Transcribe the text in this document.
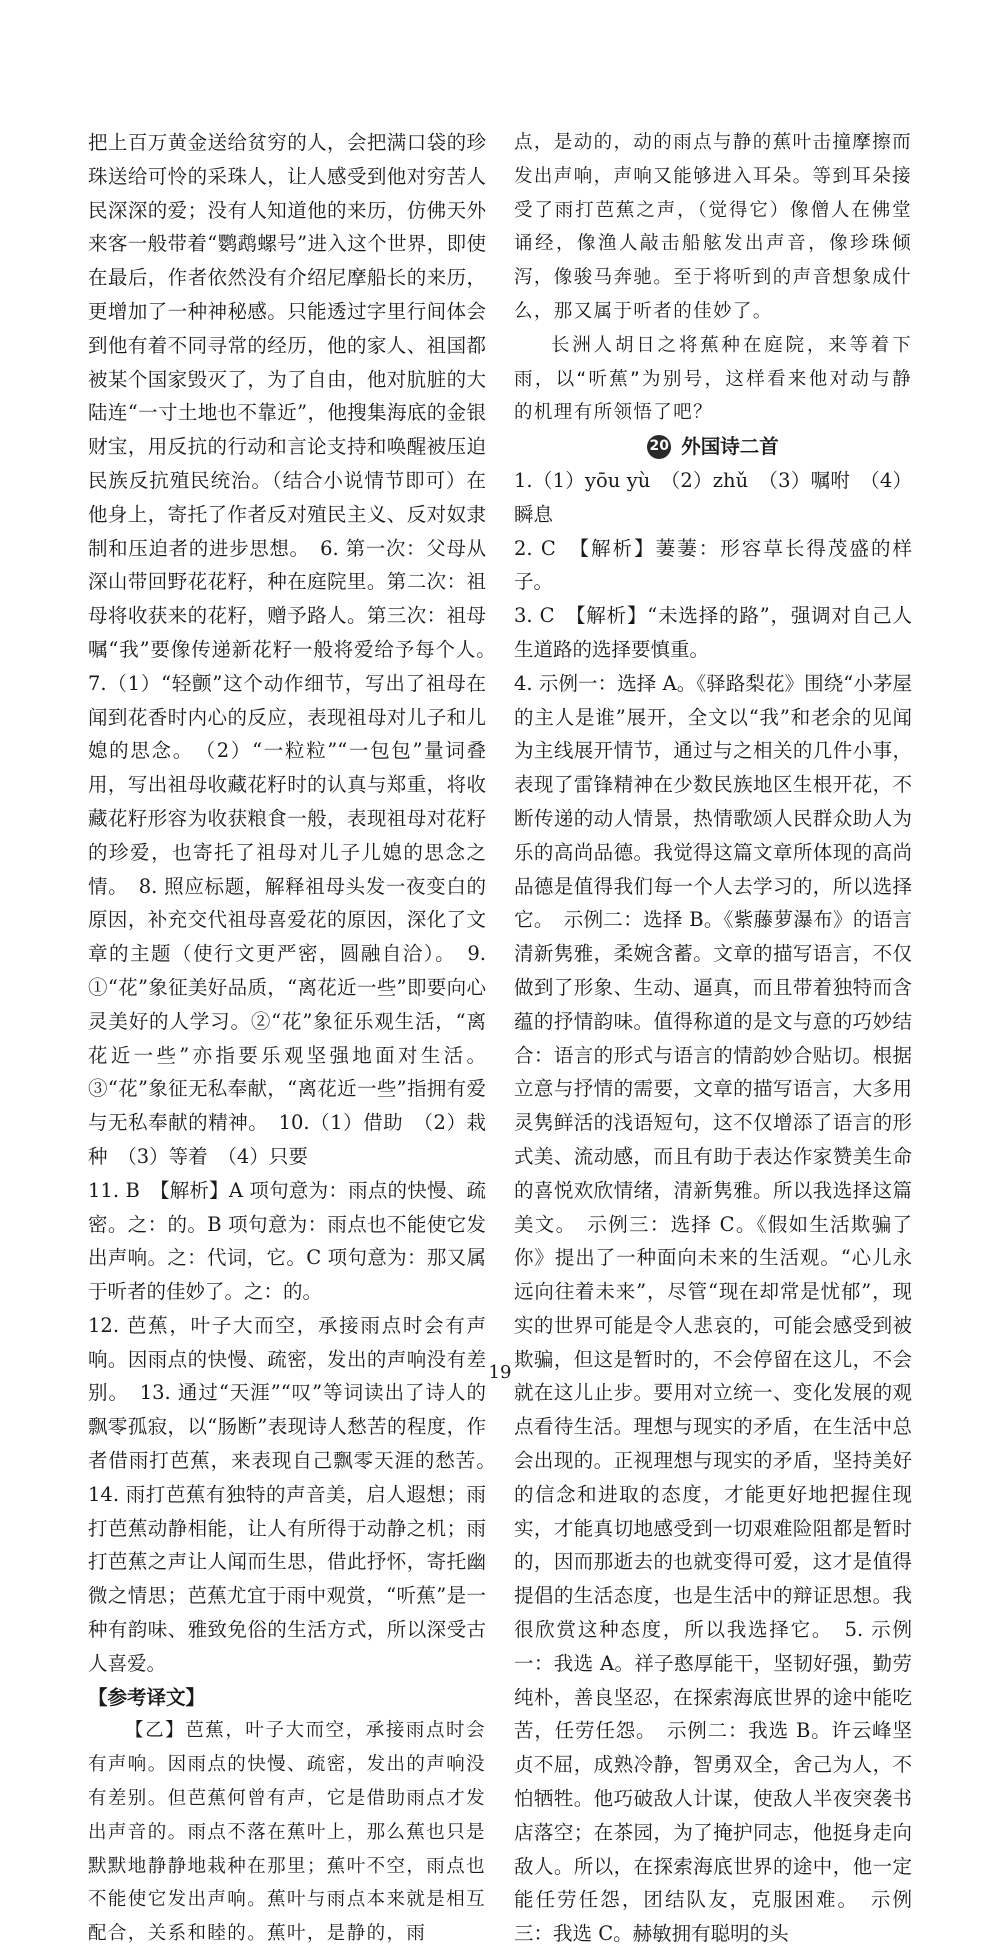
把上百万黄金送给贫穷的人，会把满口袋的珍珠送给可怜的采珠人，让人感受到他对穷苦人民深深的爱；没有人知道他的来历，仿佛天外来客一般带着“鹦鹉螺号”进入这个世界，即使在最后，作者依然没有介绍尼摩船长的来历，更增加了一种神秘感。只能透过字里行间体会到他有着不同寻常的经历，他的家人、祖国都被某个国家毁灭了，为了自由，他对肮脏的大陆连“一寸土地也不靠近”，他搜集海底的金银财宝，用反抗的行动和言论支持和唤醒被压迫民族反抗殖民统治。（结合小说情节即可）在他身上，寄托了作者反对殖民主义、反对奴隶制和压迫者的进步思想。　6. 第一次：父母从深山带回野花花籽，种在庭院里。第二次：祖母将收获来的花籽，赠予路人。第三次：祖母嘱“我”要像传递新花籽一般将爱给予每个人。　7.（1）“轻颤”这个动作细节，写出了祖母在闻到花香时内心的反应，表现祖母对儿子和儿媳的思念。　（2）“一粒粒”“一包包”量词叠用，写出祖母收藏花籽时的认真与郑重，将收藏花籽形容为收获粮食一般，表现祖母对花籽的珍爱，也寄托了祖母对儿子儿媳的思念之情。　8. 照应标题，解释祖母头发一夜变白的原因，补充交代祖母喜爱花的原因，深化了文章的主题（使行文更严密，圆融自洽）。　9. ①“花”象征美好品质，“离花近一些”即要向心灵美好的人学习。②“花”象征乐观生活，“离花近一些”亦指要乐观坚强地面对生活。③“花”象征无私奉献，“离花近一些”指拥有爱与无私奉献的精神。　10.（1）借助　（2）栽种　（3）等着　（4）只要

11. B　【解析】A 项句意为：雨点的快慢、疏密。之：的。B 项句意为：雨点也不能使它发出声响。之：代词，它。C 项句意为：那又属于听者的佳妙了。之：的。

12. 芭蕉，叶子大而空，承接雨点时会有声响。因雨点的快慢、疏密，发出的声响没有差别。　13. 通过“天涯”“叹”等词读出了诗人的飘零孤寂，以“肠断”表现诗人愁苦的程度，作者借雨打芭蕉，来表现自己飘零天涯的愁苦。　14. 雨打芭蕉有独特的声音美，启人遐想；雨打芭蕉动静相能，让人有所得于动静之机；雨打芭蕉之声让人闻而生思，借此抒怀，寄托幽微之情思；芭蕉尤宜于雨中观赏，“听蕉”是一种有韵味、雅致免俗的生活方式，所以深受古人喜爱。

【参考译文】

【乙】芭蕉，叶子大而空，承接雨点时会有声响。因雨点的快慢、疏密，发出的声响没有差别。但芭蕉何曾有声，它是借助雨点才发出声音的。雨点不落在蕉叶上，那么蕉也只是默默地静静地栽种在那里；蕉叶不空，雨点也不能使它发出声响。蕉叶与雨点本来就是相互配合，关系和睦的。蕉叶，是静的，雨

点，是动的，动的雨点与静的蕉叶击撞摩擦而发出声响，声响又能够进入耳朵。等到耳朵接受了雨打芭蕉之声，（觉得它）像僧人在佛堂诵经，像渔人敲击船舷发出声音，像珍珠倾泻，像骏马奔驰。至于将听到的声音想象成什么，那又属于听者的佳妙了。

长洲人胡日之将蕉种在庭院，来等着下雨，以“听蕉”为别号，这样看来他对动与静的机理有所领悟了吧？

20 外国诗二首

1.（1）yōu yù　（2）zhǔ　（3）嘱咐　（4）瞬息

2. C　【解析】萋萋：形容草长得茂盛的样子。

3. C　【解析】“未选择的路”，强调对自己人生道路的选择要慎重。

4. 示例一：选择 A。《驿路梨花》围绕“小茅屋的主人是谁”展开，全文以“我”和老余的见闻为主线展开情节，通过与之相关的几件小事，表现了雷锋精神在少数民族地区生根开花，不断传递的动人情景，热情歌颂人民群众助人为乐的高尚品德。我觉得这篇文章所体现的高尚品德是值得我们每一个人去学习的，所以选择它。　示例二：选择 B。《紫藤萝瀑布》的语言清新隽雅，柔婉含蓄。文章的描写语言，不仅做到了形象、生动、逼真，而且带着独特而含蕴的抒情韵味。值得称道的是文与意的巧妙结合：语言的形式与语言的情韵妙合贴切。根据立意与抒情的需要，文章的描写语言，大多用灵隽鲜活的浅语短句，这不仅增添了语言的形式美、流动感，而且有助于表达作家赞美生命的喜悦欢欣情绪，清新隽雅。所以我选择这篇美文。　示例三：选择 C。《假如生活欺骗了你》提出了一种面向未来的生活观。“心儿永远向往着未来”，尽管“现在却常是忧郁”，现实的世界可能是令人悲哀的，可能会感受到被欺骗，但这是暂时的，不会停留在这儿，不会就在这儿止步。要用对立统一、变化发展的观点看待生活。理想与现实的矛盾，在生活中总会出现的。正视理想与现实的矛盾，坚持美好的信念和进取的态度，才能更好地把握住现实，才能真切地感受到一切艰难险阻都是暂时的，因而那逝去的也就变得可爱，这才是值得提倡的生活态度，也是生活中的辩证思想。我很欣赏这种态度，所以我选择它。　5. 示例一：我选 A。祥子憨厚能干，坚韧好强，勤劳纯朴，善良坚忍，在探索海底世界的途中能吃苦，任劳任怨。　示例二：我选 B。许云峰坚贞不屈，成熟冷静，智勇双全，舍己为人，不怕牺牲。他巧破敌人计谋，使敌人半夜突袭书店落空；在茶园，为了掩护同志，他挺身走向敌人。所以，在探索海底世界的途中，他一定能任劳任怨，团结队友，克服困难。　示例三：我选 C。赫敏拥有聪明的头

19
